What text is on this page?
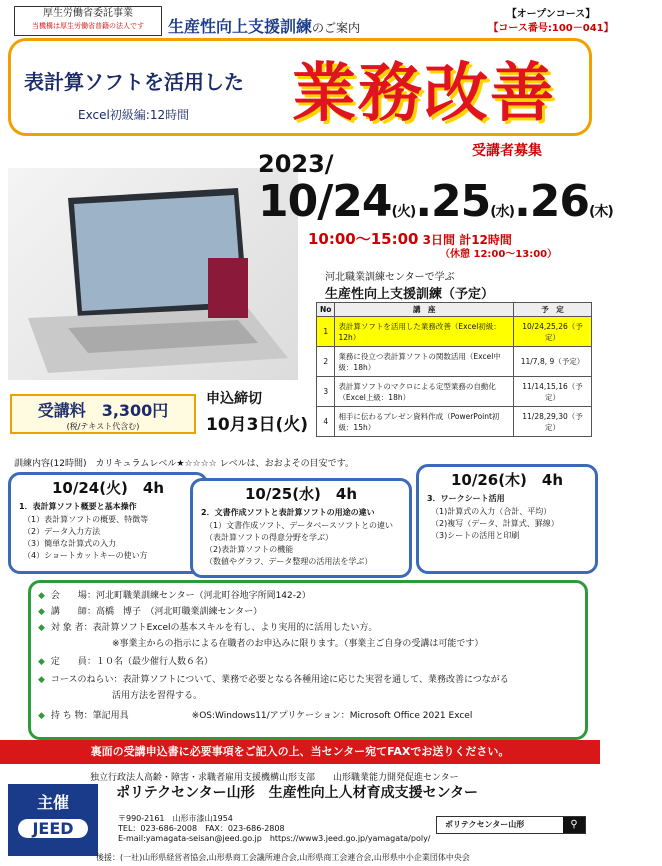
厚生労働省委託事業
当機構は厚生労働省普籍の法人です	生産性向上支援訓練のご案内
【オープンコース】
【コース番号:100－041】
表計算ソフトを活用した
Excel初級編:12時間 業務改善
受講者募集
2023/
10/24(火).25(水).26(木)
10:00～15:00 3日間 計12時間
（休憩 12:00～13:00）
河北職業訓練センターで学ぶ
生産性向上支援訓練（予定）
No	講　座	予　定
1	表計算ソフトを活用した業務改善（Excel初級：12h）	10/24,25,26（予定）
2	業務に役立つ表計算ソフトの関数活用（Excel中級：18h）	11/7,8, 9（予定）
3	表計算ソフトのマクロによる定型業務の自動化（Excel上級：18h）	11/14,15,16（予定）
4	相手に伝わるプレゼン資料作成（PowerPoint初級：15h）	11/28,29,30（予定）
受講料　3,300円
(税/テキスト代含む)
申込締切
10月3日(火)
訓練内容(12時間)　カリキュラムレベル★☆☆☆☆ レベルは、おおよその目安です。
10/24(火)　4h
1．表計算ソフト概要と基本操作
（1）表計算ソフトの概要、特徴等
（2）データ入力方法
（3）簡単な計算式の入力
（4）ショートカットキーの使い方
10/25(水)　4h
2．文書作成ソフトと表計算ソフトの用途の違い
（1）文書作成ソフト、データベースソフトとの違い
（表計算ソフトの得意分野を学ぶ）
（2)表計算ソフトの機能
（数値やグラフ、データ整理の活用法を学ぶ）
10/26(木)　4h
3．ワークシート活用
（1)計算式の入力（合計、平均）
（2)複写（データ、計算式、罫線）
（3)シートの活用と印刷
◆ 会　　場：河北町職業訓練センター（河北町谷地字所岡142-2）
◆ 講　　師：高橋　博子　（河北町職業訓練センター）
◆ 対 象 者：表計算ソフトExcelの基本スキルを有し、より実用的に活用したい方。
※事業主からの指示による在職者のお申込みに限ります。（事業主ご自身の受講は可能です）
◆ 定　　員：１０名（最少催行人数６名）
◆ コースのねらい：表計算ソフトについて、業務で必要となる各種用途に応じた実習を通して、業務改善につながる
活用方法を習得する。
◆ 持 ち 物：筆記用具　　　　　　　※OS:Windows11/アプリケーション：Microsoft Office 2021 Excel
裏面の受講申込書に必要事項をご記入の上、当センター宛てFAXでお送りください。
独立行政法人高齢・障害・求職者雇用支援機構山形支部　　山形職業能力開発促進センター
ポリテクセンター山形　生産性向上人材育成支援センター
主催
JEED
〒990-2161　山形市漆山1954
TEL：023-686-2008　FAX：023-686-2808
E-mail:yamagata-seisan@jeed.go.jp　https://www3.jeed.go.jp/yamagata/poly/
ポリテクセンター山形	⚲
後援：(一社)山形県経営者協会,山形県商工会議所連合会,山形県商工会連合会,山形県中小企業団体中央会
